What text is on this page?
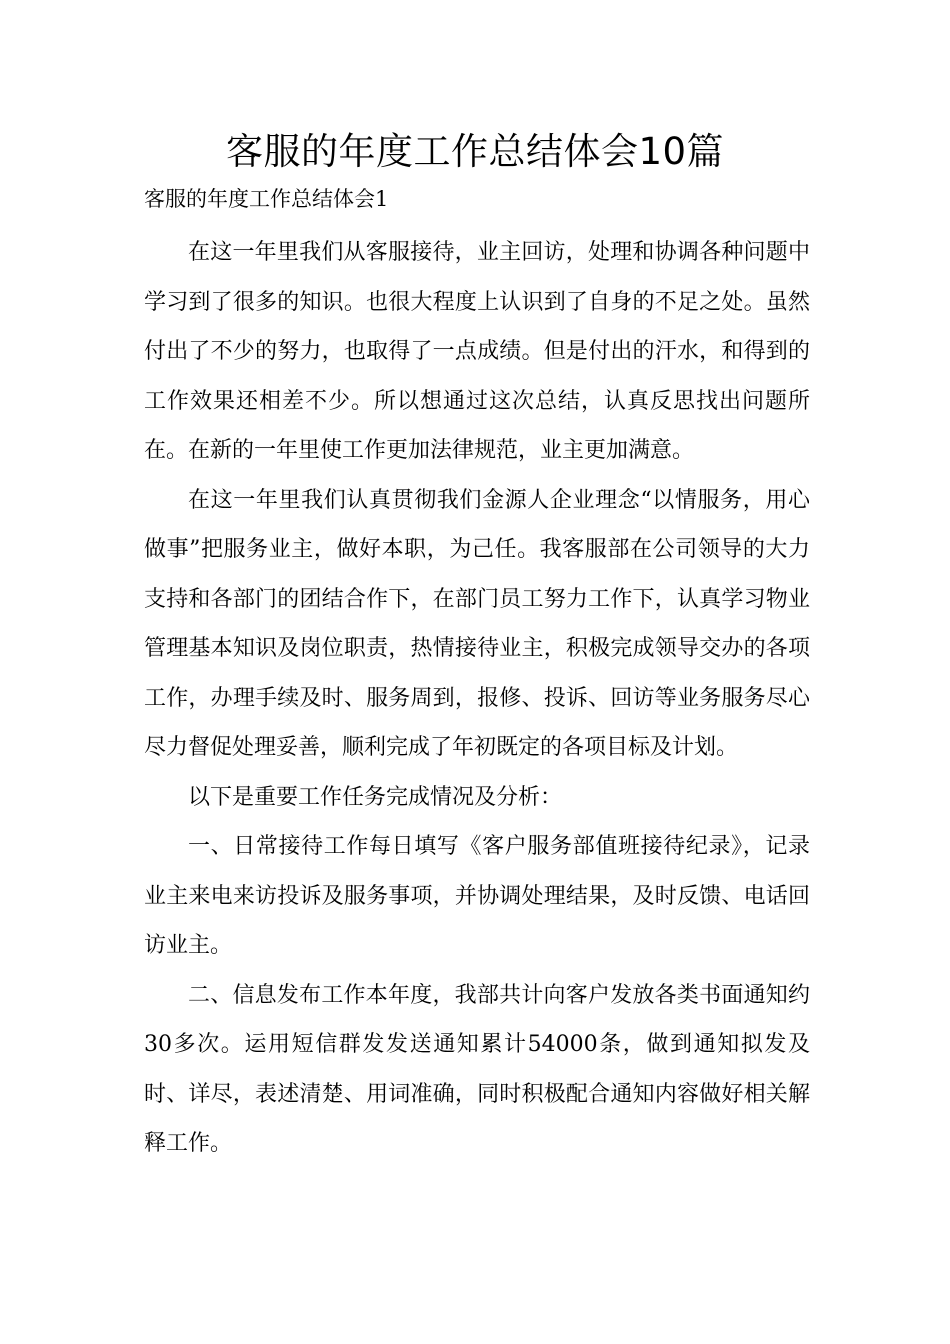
客服的年度工作总结体会10篇
客服的年度工作总结体会1

在这一年里我们从客服接待，业主回访，处理和协调各种问题中学习到了很多的知识。也很大程度上认识到了自身的不足之处。虽然付出了不少的努力，也取得了一点成绩。但是付出的汗水，和得到的工作效果还相差不少。所以想通过这次总结，认真反思找出问题所在。在新的一年里使工作更加法律规范，业主更加满意。

在这一年里我们认真贯彻我们金源人企业理念“以情服务，用心做事”把服务业主，做好本职，为己任。我客服部在公司领导的大力支持和各部门的团结合作下，在部门员工努力工作下，认真学习物业管理基本知识及岗位职责，热情接待业主，积极完成领导交办的各项工作，办理手续及时、服务周到，报修、投诉、回访等业务服务尽心尽力督促处理妥善，顺利完成了年初既定的各项目标及计划。

以下是重要工作任务完成情况及分析：

一、日常接待工作每日填写《客户服务部值班接待纪录》，记录业主来电来访投诉及服务事项，并协调处理结果，及时反馈、电话回访业主。

二、信息发布工作本年度，我部共计向客户发放各类书面通知约30多次。运用短信群发发送通知累计54000条，做到通知拟发及时、详尽，表述清楚、用词准确，同时积极配合通知内容做好相关解释工作。
